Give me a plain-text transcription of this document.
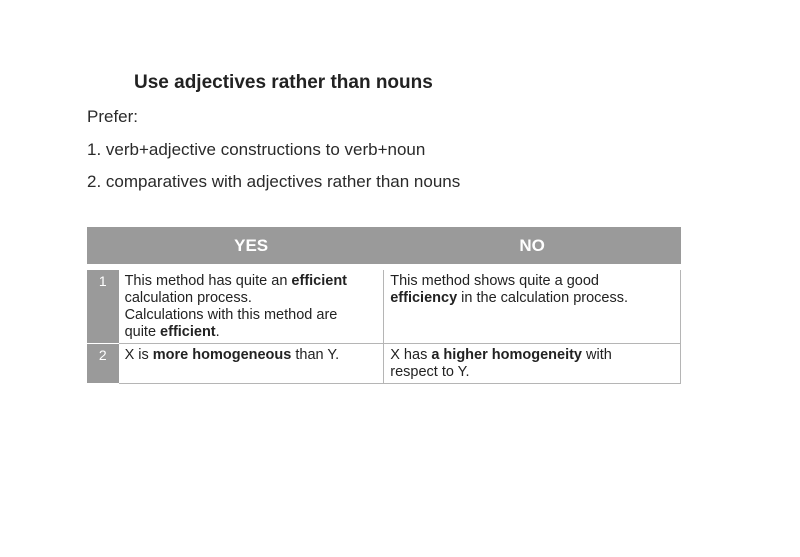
Use adjectives rather than nouns
Prefer:
1. verb+adjective constructions to verb+noun
2. comparatives with adjectives rather than nouns
	YES	NO

1	This method has quite an efficient
calculation process.
Calculations with this method are
quite efficient.	This method shows quite a good
efficiency in the calculation process.

2	X is more homogeneous than Y.	X has a higher homogeneity with
respect to Y.
